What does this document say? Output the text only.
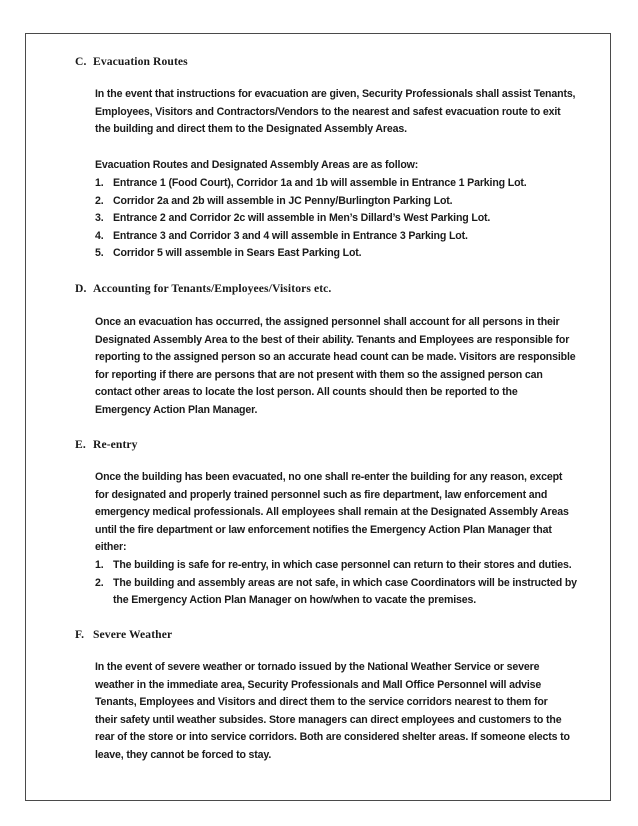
C. Evacuation Routes
In the event that instructions for evacuation are given, Security Professionals shall assist Tenants,
Employees, Visitors and Contractors/Vendors to the nearest and safest evacuation route to exit
the building and direct them to the Designated Assembly Areas.
Evacuation Routes and Designated Assembly Areas are as follow:
1. Entrance 1 (Food Court), Corridor 1a and 1b will assemble in Entrance 1 Parking Lot.
2. Corridor 2a and 2b will assemble in JC Penny/Burlington Parking Lot.
3. Entrance 2 and Corridor 2c will assemble in Men’s Dillard’s West Parking Lot.
4. Entrance 3 and Corridor 3 and 4 will assemble in Entrance 3 Parking Lot.
5. Corridor 5 will assemble in Sears East Parking Lot.
D. Accounting for Tenants/Employees/Visitors etc.
Once an evacuation has occurred, the assigned personnel shall account for all persons in their
Designated Assembly Area to the best of their ability. Tenants and Employees are responsible for
reporting to the assigned person so an accurate head count can be made. Visitors are responsible
for reporting if there are persons that are not present with them so the assigned person can
contact other areas to locate the lost person. All counts should then be reported to the
Emergency Action Plan Manager.
E. Re-entry
Once the building has been evacuated, no one shall re-enter the building for any reason, except
for designated and properly trained personnel such as fire department, law enforcement and
emergency medical professionals. All employees shall remain at the Designated Assembly Areas
until the fire department or law enforcement notifies the Emergency Action Plan Manager that
either:
1. The building is safe for re-entry, in which case personnel can return to their stores and duties.
2. The building and assembly areas are not safe, in which case Coordinators will be instructed by
the Emergency Action Plan Manager on how/when to vacate the premises.
F. Severe Weather
In the event of severe weather or tornado issued by the National Weather Service or severe
weather in the immediate area, Security Professionals and Mall Office Personnel will advise
Tenants, Employees and Visitors and direct them to the service corridors nearest to them for
their safety until weather subsides. Store managers can direct employees and customers to the
rear of the store or into service corridors. Both are considered shelter areas. If someone elects to
leave, they cannot be forced to stay.
